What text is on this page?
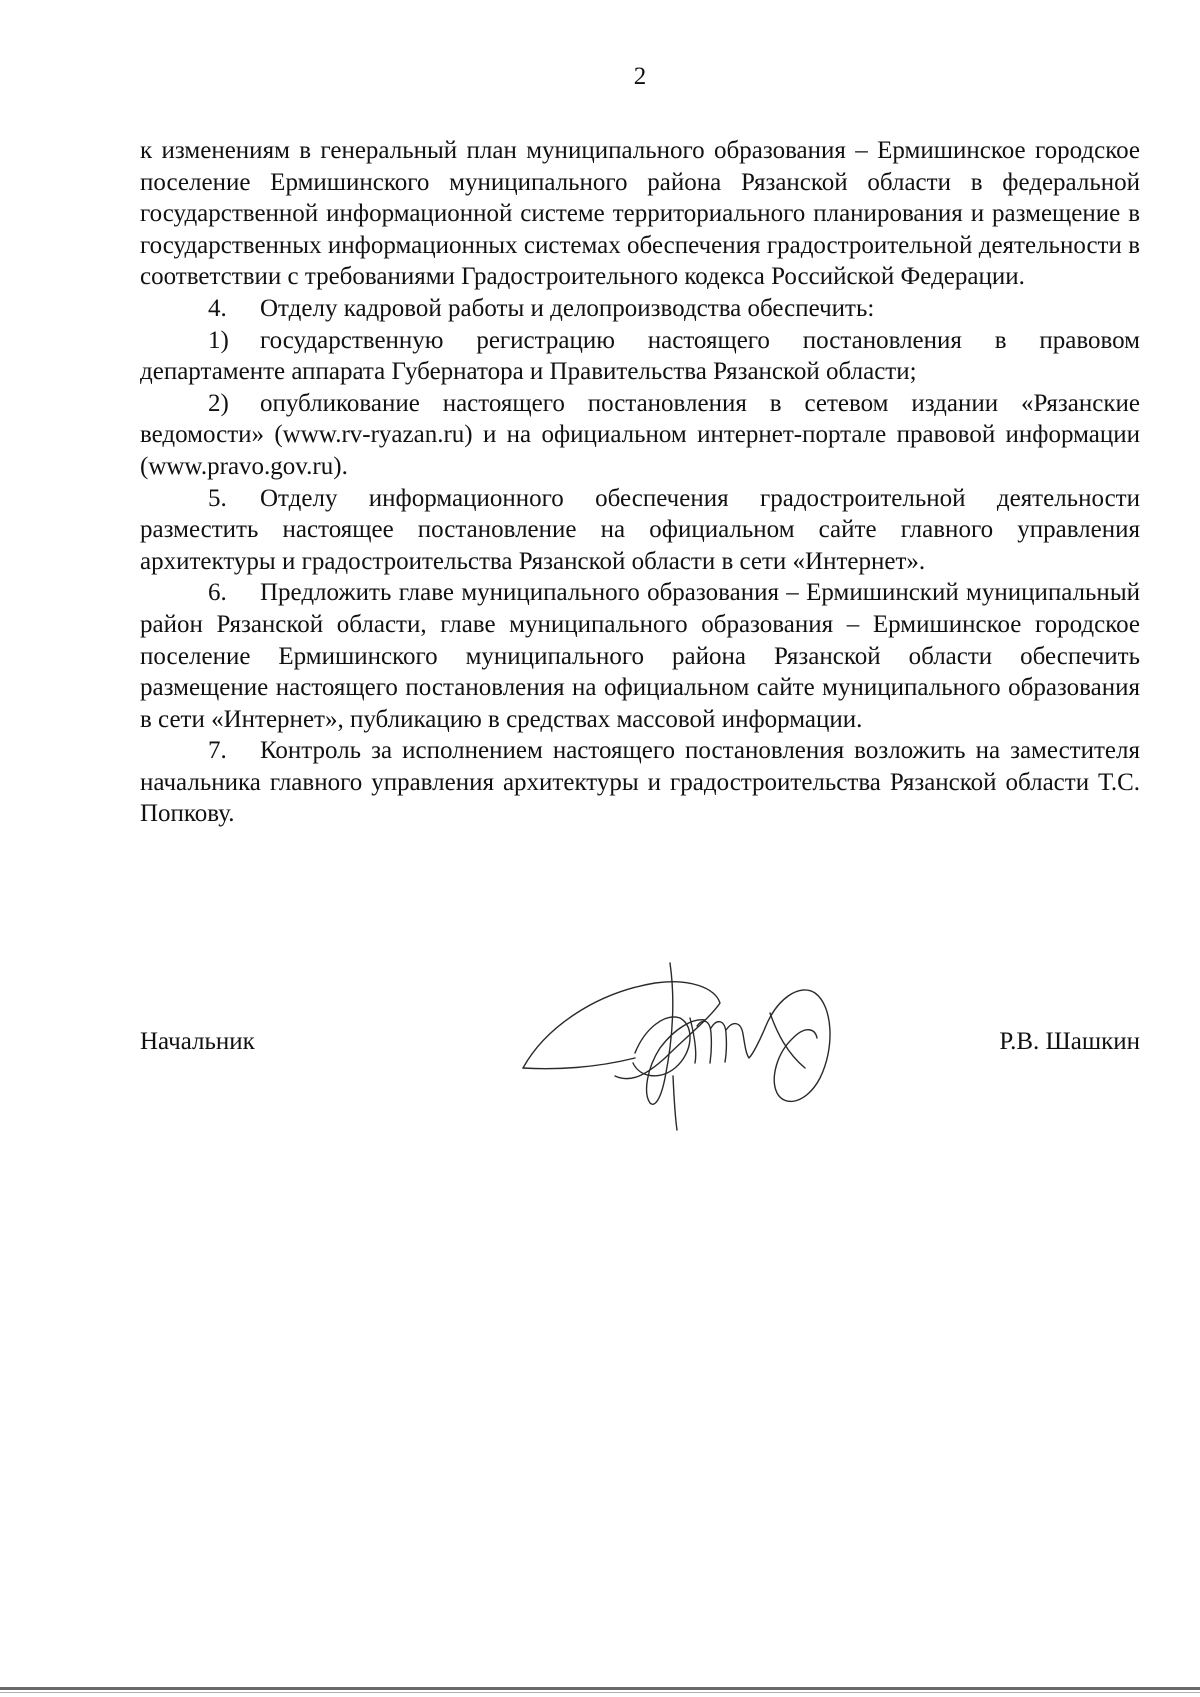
2

к изменениям в генеральный план муниципального образования – Ермишинское городское поселение Ермишинского муниципального района Рязанской области в федеральной государственной информационной системе территориального планирования и размещение в государственных информационных системах обеспечения градостроительной деятельности в соответствии с требованиями Градостроительного кодекса Российской Федерации.

4. Отделу кадровой работы и делопроизводства обеспечить:

1) государственную регистрацию настоящего постановления в правовом департаменте аппарата Губернатора и Правительства Рязанской области;

2) опубликование настоящего постановления в сетевом издании «Рязанские ведомости» (www.rv-ryazan.ru) и на официальном интернет-портале правовой информации (www.pravo.gov.ru).

5. Отделу информационного обеспечения градостроительной деятельности разместить настоящее постановление на официальном сайте главного управления архитектуры и градостроительства Рязанской области в сети «Интернет».

6. Предложить главе муниципального образования – Ермишинский муниципальный район Рязанской области, главе муниципального образования – Ермишинское городское поселение Ермишинского муниципального района Рязанской области обеспечить размещение настоящего постановления на официальном сайте муниципального образования в сети «Интернет», публикацию в средствах массовой информации.

7. Контроль за исполнением настоящего постановления возложить на заместителя начальника главного управления архитектуры и градостроительства Рязанской области Т.С. Попкову.

Начальник	Р.В. Шашкин
